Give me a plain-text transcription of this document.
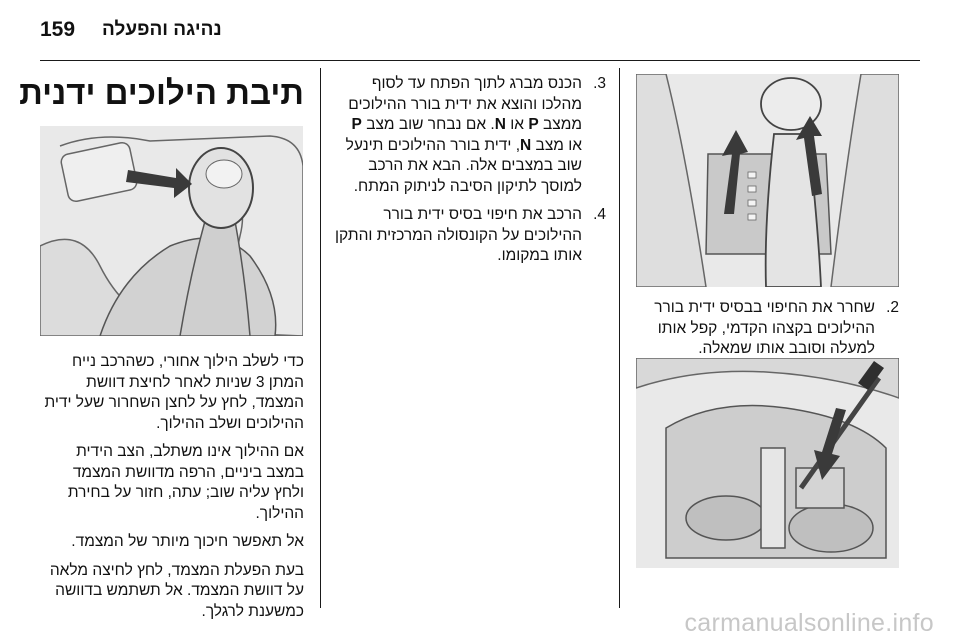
159 נהיגה והפעלה
תיבת הילוכים ידנית

כדי לשלב הילוך אחורי, כשהרכב נייח המתן 3 שניות לאחר לחיצת דוושת המצמד, לחץ על לחצן השחרור שעל ידית ההילוכים ושלב ההילוך.

אם ההילוך אינו משתלב, הצב הידית במצב ביניים, הרפה מדוושת המצמד ולחץ עליה שוב; עתה, חזור על בחירת ההילוך.

אל תאפשר חיכוך מיותר של המצמד.

בעת הפעלת המצמד, לחץ לחיצה מלאה על דוושת המצמד. אל תשתמש בדוושה כמשענת לרגלך.

3.
הכנס מברג לתוך הפתח עד לסוף מהלכו והוצא את ידית בורר ההילוכים ממצב P או N. אם נבחר שוב מצב P או מצב N, ידית בורר ההילוכים תינעל שוב במצבים אלה. הבא את הרכב למוסך לתיקון הסיבה לניתוק המתח.
4.
הרכב את חיפוי בסיס ידית בורר ההילוכים על הקונסולה המרכזית והתקן אותו במקומו.
2.
שחרר את החיפוי בבסיס ידית בורר ההילוכים בקצהו הקדמי, קפל אותו למעלה וסובב אותו שמאלה.
carmanualsonline.info
